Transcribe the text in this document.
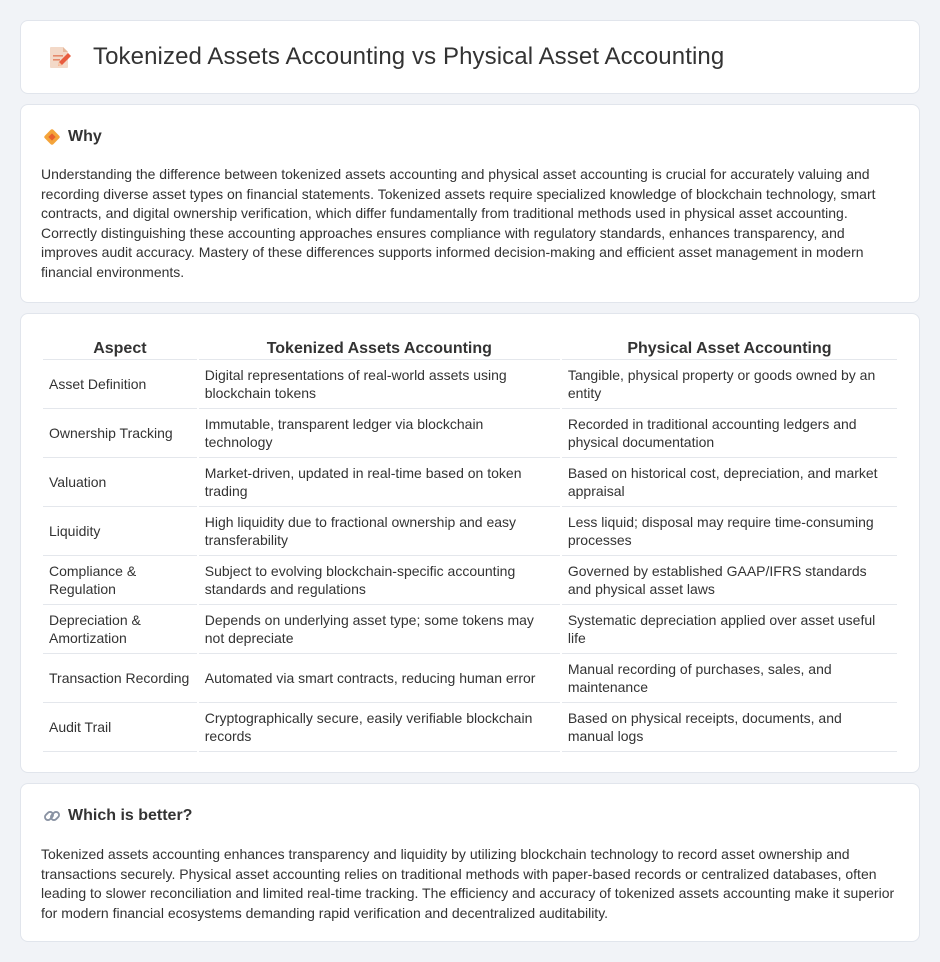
Tokenized Assets Accounting vs Physical Asset Accounting
Why

Understanding the difference between tokenized assets accounting and physical asset accounting is crucial for accurately valuing and recording diverse asset types on financial statements. Tokenized assets require specialized knowledge of blockchain technology, smart contracts, and digital ownership verification, which differ fundamentally from traditional methods used in physical asset accounting. Correctly distinguishing these accounting approaches ensures compliance with regulatory standards, enhances transparency, and improves audit accuracy. Mastery of these differences supports informed decision-making and efficient asset management in modern financial environments.

Aspect	Tokenized Assets Accounting	Physical Asset Accounting
Asset Definition	Digital representations of real-world assets using blockchain tokens	Tangible, physical property or goods owned by an entity
Ownership Tracking	Immutable, transparent ledger via blockchain technology	Recorded in traditional accounting ledgers and physical documentation
Valuation	Market-driven, updated in real-time based on token trading	Based on historical cost, depreciation, and market appraisal
Liquidity	High liquidity due to fractional ownership and easy transferability	Less liquid; disposal may require time-consuming processes
Compliance & Regulation	Subject to evolving blockchain-specific accounting standards and regulations	Governed by established GAAP/IFRS standards and physical asset laws
Depreciation & Amortization	Depends on underlying asset type; some tokens may not depreciate	Systematic depreciation applied over asset useful life
Transaction Recording	Automated via smart contracts, reducing human error	Manual recording of purchases, sales, and maintenance
Audit Trail	Cryptographically secure, easily verifiable blockchain records	Based on physical receipts, documents, and manual logs
Which is better?

Tokenized assets accounting enhances transparency and liquidity by utilizing blockchain technology to record asset ownership and transactions securely. Physical asset accounting relies on traditional methods with paper-based records or centralized databases, often leading to slower reconciliation and limited real-time tracking. The efficiency and accuracy of tokenized assets accounting make it superior for modern financial ecosystems demanding rapid verification and decentralized auditability.
